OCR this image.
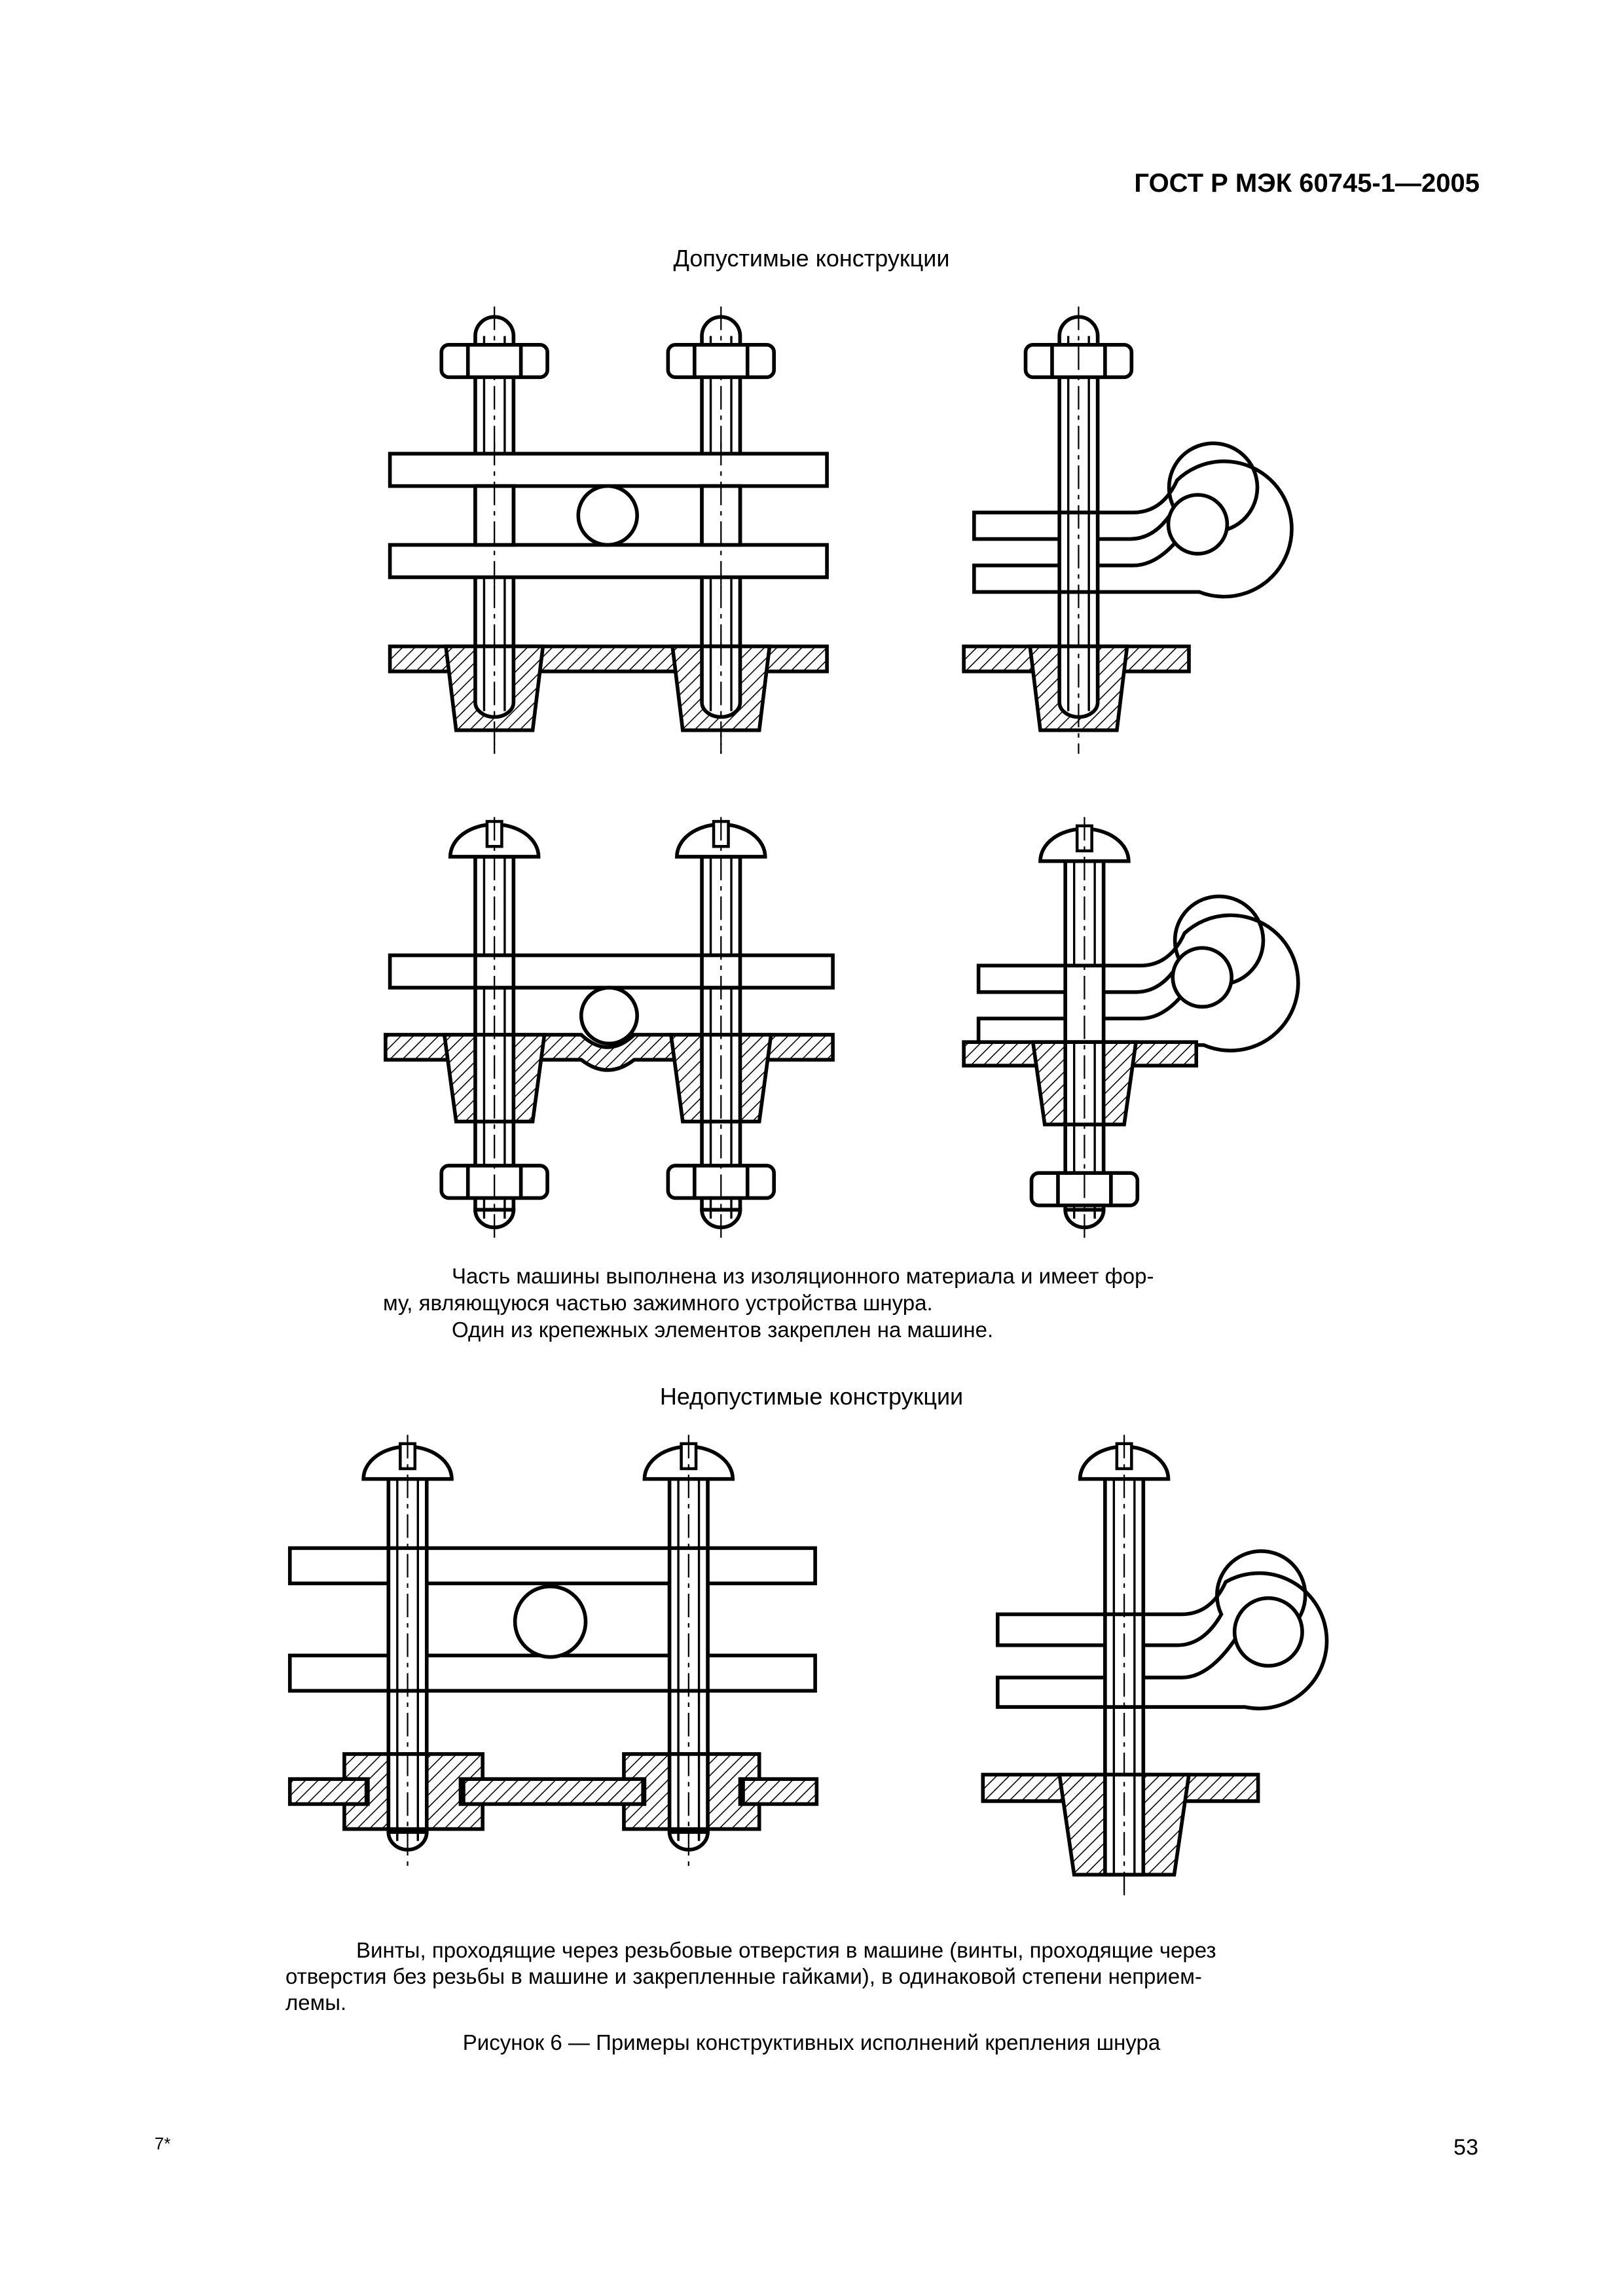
ГОСТ Р МЭК 60745-1—2005
Допустимые конструкции
Часть машины выполнена из изоляционного материала и имеет фор-
му, являющуюся частью зажимного устройства шнура.
Один из крепежных элементов закреплен на машине.
Недопустимые конструкции
Винты, проходящие через резьбовые отверстия в машине (винты, проходящие через
отверстия без резьбы в машине и закрепленные гайками), в одинаковой степени неприем-
лемы.
Рисунок 6 — Примеры конструктивных исполнений крепления шнура
7*	53
